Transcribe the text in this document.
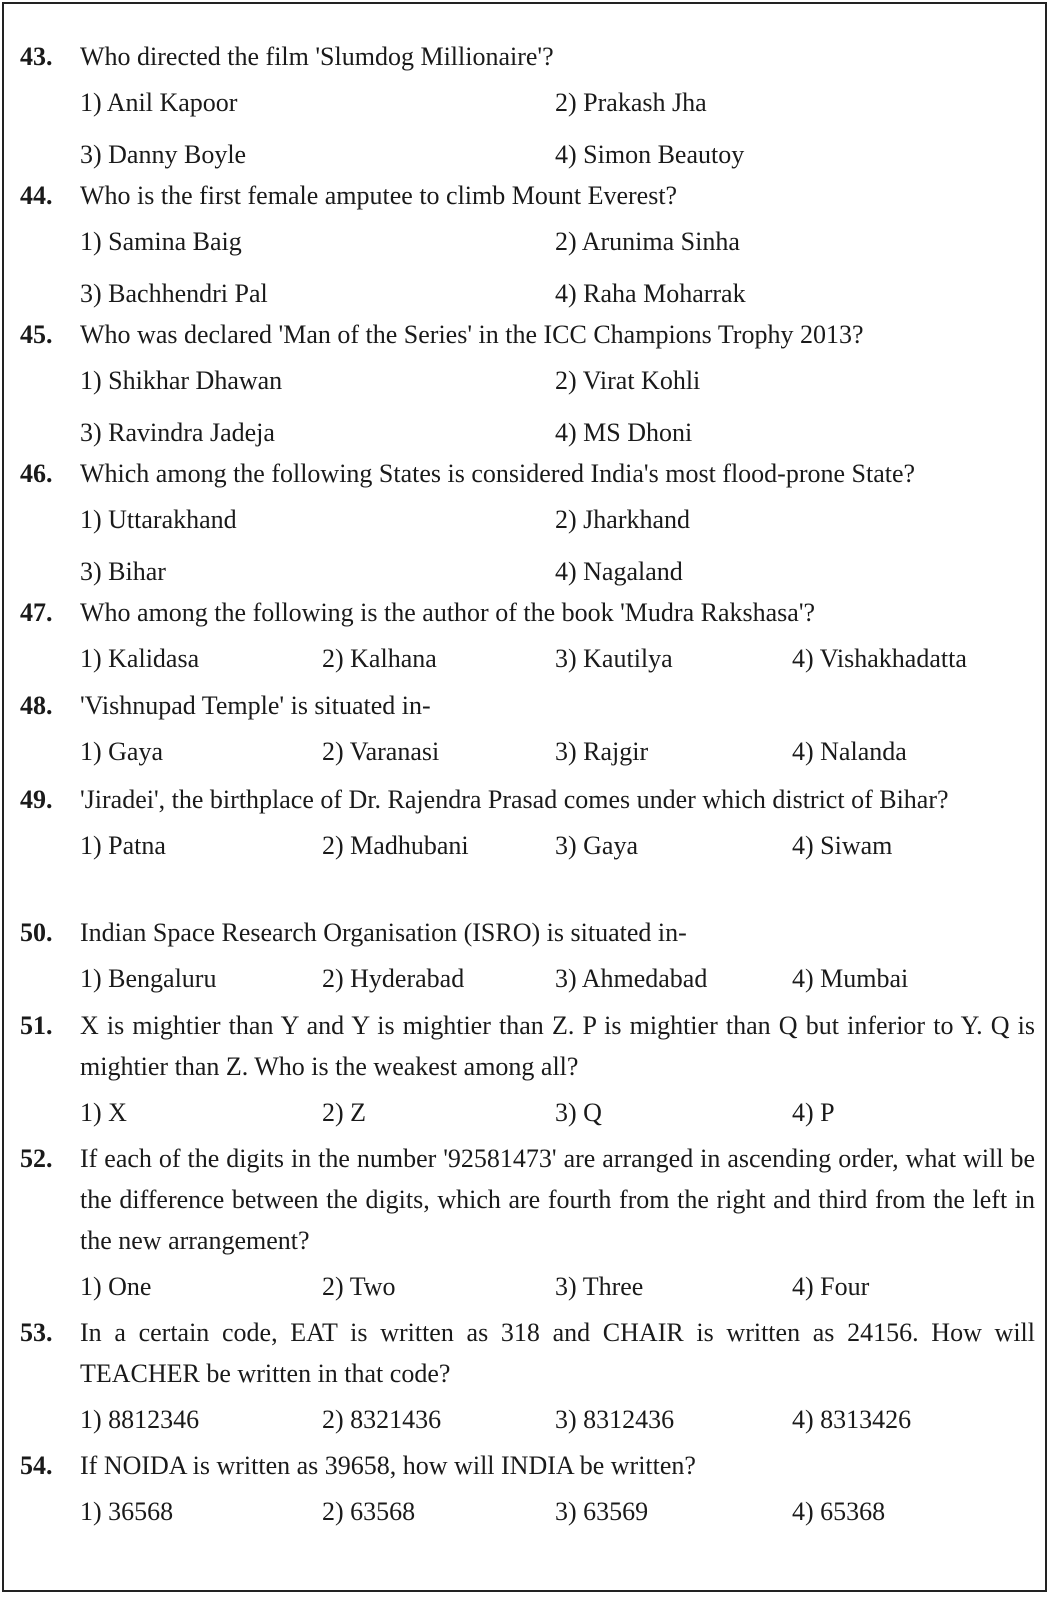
43. Who directed the film 'Slumdog Millionaire'?
1) Anil Kapoor	2) Prakash Jha
3) Danny Boyle	4) Simon Beautoy
44. Who is the first female amputee to climb Mount Everest?
1) Samina Baig	2) Arunima Sinha
3) Bachhendri Pal	4) Raha Moharrak
45. Who was declared 'Man of the Series' in the ICC Champions Trophy 2013?
1) Shikhar Dhawan	2) Virat Kohli
3) Ravindra Jadeja	4) MS Dhoni
46. Which among the following States is considered India's most flood-prone State?
1) Uttarakhand	2) Jharkhand
3) Bihar	4) Nagaland
47. Who among the following is the author of the book 'Mudra Rakshasa'?
1) Kalidasa	2) Kalhana	3) Kautilya	4) Vishakhadatta
48. 'Vishnupad Temple' is situated in-
1) Gaya	2) Varanasi	3) Rajgir	4) Nalanda
49. 'Jiradei', the birthplace of Dr. Rajendra Prasad comes under which district of Bihar?
1) Patna	2) Madhubani	3) Gaya	4) Siwam
50. Indian Space Research Organisation (ISRO) is situated in-
1) Bengaluru	2) Hyderabad	3) Ahmedabad	4) Mumbai
51. X is mightier than Y and Y is mightier than Z. P is mightier than Q but inferior to Y. Q is mightier than Z. Who is the weakest among all?
1) X	2) Z	3) Q	4) P
52. If each of the digits in the number '92581473' are arranged in ascending order, what will be the difference between the digits, which are fourth from the right and third from the left in the new arrangement?
1) One	2) Two	3) Three	4) Four
53. In a certain code, EAT is written as 318 and CHAIR is written as 24156. How will TEACHER be written in that code?
1) 8812346	2) 8321436	3) 8312436	4) 8313426
54. If NOIDA is written as 39658, how will INDIA be written?
1) 36568	2) 63568	3) 63569	4) 65368
